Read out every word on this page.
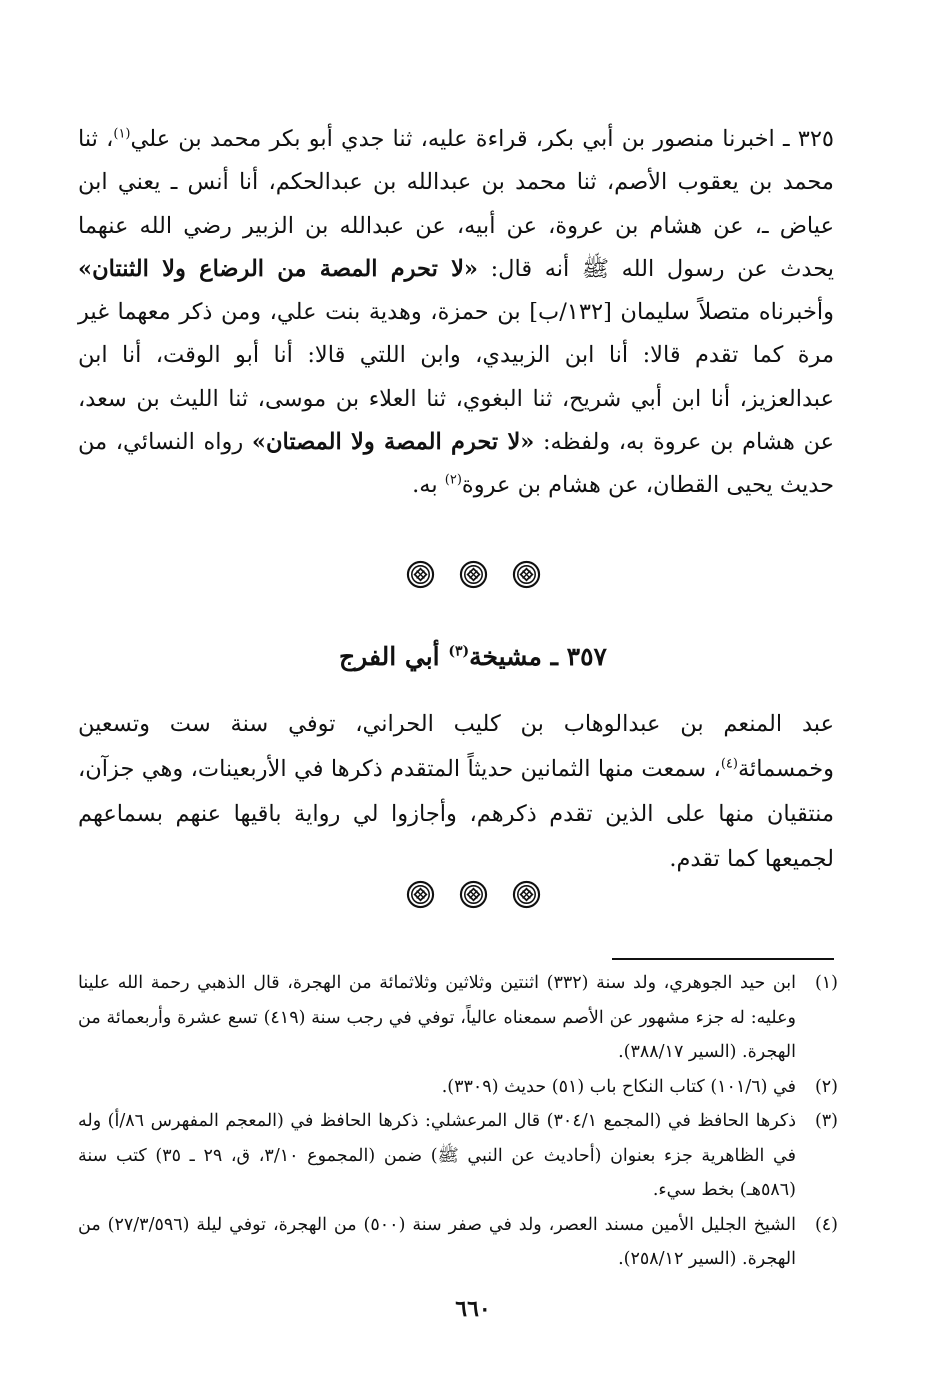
٣٢٥ ـ اخبرنا منصور بن أبي بكر، قراءة عليه، ثنا جدي أبو بكر محمد بن علي$^{(١)}$، ثنا محمد بن يعقوب الأصم، ثنا محمد بن عبدالله بن عبدالحكم، أنا أنس ـ يعني ابن عياض ـ، عن هشام بن عروة، عن أبيه، عن عبدالله بن الزبير رضي الله عنهما يحدث عن رسول الله ﷺ أنه قال: «لا تحرم المصة من الرضاع ولا الثنتان» وأخبرناه متصلاً سليمان [١٣٢/ب] بن حمزة، وهدية بنت علي، ومن ذكر معهما غير مرة كما تقدم قالا: أنا ابن الزبيدي، وابن اللتي قالا: أنا أبو الوقت، أنا ابن عبدالعزيز، أنا ابن أبي شريح، ثنا البغوي، ثنا العلاء بن موسى، ثنا الليث بن سعد، عن هشام بن عروة به، ولفظه: «لا تحرم المصة ولا المصتان» رواه النسائي، من حديث يحيى القطان، عن هشام بن عروة$^{(٢)}$ به.
٣٥٧ ـ مشيخة$^{(٣)}$ أبي الفرج
عبد المنعم بن عبدالوهاب بن كليب الحراني، توفي سنة ست وتسعين وخمسمائة$^{(٤)}$، سمعت منها الثمانين حديثاً المتقدم ذكرها في الأربعينات، وهي جزآن، منتقيان منها على الذين تقدم ذكرهم، وأجازوا لي رواية باقيها عنهم بسماعهم لجميعها كما تقدم.
(١)
ابن حيد الجوهري، ولد سنة (٣٣٢) اثنتين وثلاثين وثلاثمائة من الهجرة، قال الذهبي رحمة الله علينا وعليه: له جزء مشهور عن الأصم سمعناه عالياً، توفي في رجب سنة (٤١٩) تسع عشرة وأربعمائة من الهجرة. (السير ٣٨٨/١٧).
(٢)
في (١٠١/٦) كتاب النكاح باب (٥١) حديث (٣٣٠٩).
(٣)
ذكرها الحافظ في (المجمع ٣٠٤/١) قال المرعشلي: ذكرها الحافظ في (المعجم المفهرس ٨٦/أ) وله في الظاهرية جزء بعنوان (أحاديث عن النبي ﷺ) ضمن (المجموع ٣/١٠، ق، ٢٩ ـ ٣٥) كتب سنة (٥٨٦هـ) بخط سيء.
(٤)
الشيخ الجليل الأمين مسند العصر، ولد في صفر سنة (٥٠٠) من الهجرة، توفي ليلة (٢٧/٣/٥٩٦) من الهجرة. (السير ٢٥٨/١٢).
٦٦٠
